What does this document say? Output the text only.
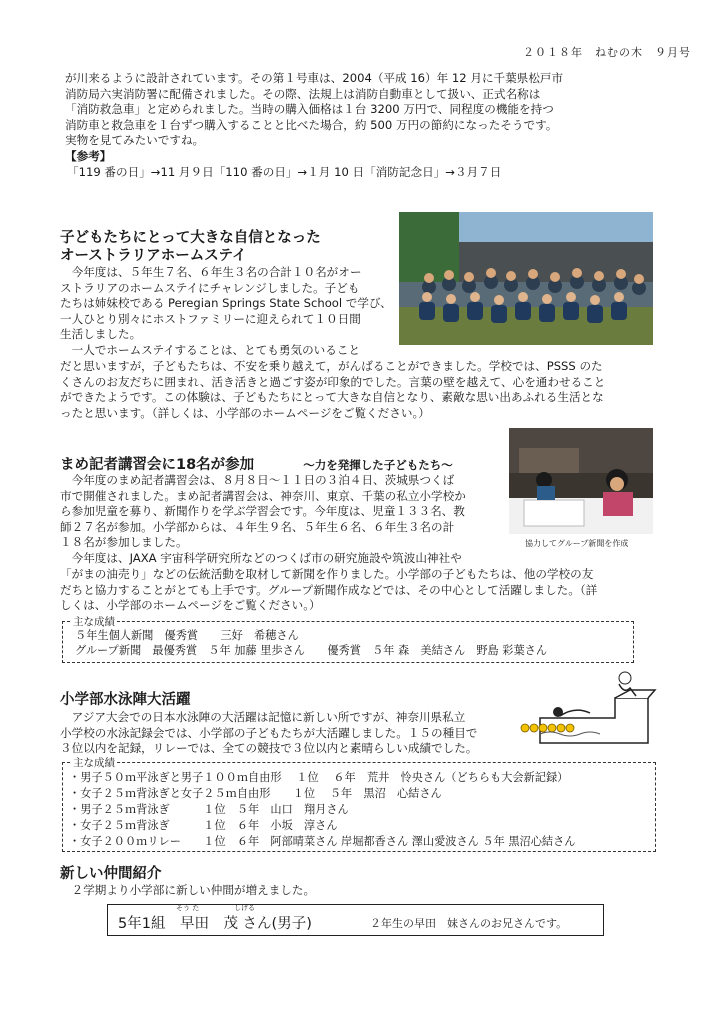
２０１８年　ねむの木　９月号

が川来るように設計されています。その第１号車は、2004（平成 16）年 12 月に千葉県松戸市

消防局六実消防署に配備されました。その際、法規上は消防自動車として扱い、正式名称は

「消防救急車」と定められました。当時の購入価格は１台 3200 万円で、同程度の機能を持つ

消防車と救急車を１台ずつ購入することと比べた場合，約 500 万円の節約になったそうです。

実物を見てみたいですね。

【参考】

「119 番の日」→11 月９日「110 番の日」→１月 10 日「消防記念日」→３月７日

子どもたちにとって大きな自信となった

オーストラリアホームステイ

　今年度は、５年生７名、６年生３名の合計１０名がオー

ストラリアのホームステイにチャレンジしました。子ども

たちは姉妹校である Peregian Springs State School で学び、

一人ひとり別々にホストファミリーに迎えられて１０日間

生活しました。

　一人でホームステイすることは、とても勇気のいること

だと思いますが，子どもたちは、不安を乗り越えて，がんばることができました。学校では、PSSS のた

くさんのお友だちに囲まれ、活き活きと過ごす姿が印象的でした。言葉の壁を越えて、心を通わせること

ができたようです。この体験は、子どもたちにとって大きな自信となり、素敵な思い出あふれる生活とな

ったと思います。（詳しくは、小学部のホームページをご覧ください。）

協力してグループ新聞を作成
まめ記者講習会に18名が参加	～力を発揮した子どもたち～

　今年度のまめ記者講習会は、８月８日～１１日の３泊４日、茨城県つくば

市で開催されました。まめ記者講習会は、神奈川、東京、千葉の私立小学校か

ら参加児童を募り、新聞作りを学ぶ学習会です。今年度は、児童１３３名、教

師２７名が参加。小学部からは、４年生９名、５年生６名、６年生３名の計

１８名が参加しました。

　今年度は、JAXA 宇宙科学研究所などのつくば市の研究施設や筑波山神社や

「がまの油売り」などの伝統活動を取材して新聞を作りました。小学部の子どもたちは、他の学校の友

だちと協力することがとても上手です。グループ新聞作成などでは、その中心として活躍しました。（詳

しくは、小学部のホームページをご覧ください。）

主な成績
５年生個人新聞　優秀賞　　三好　希穂さん
グループ新聞　最優秀賞　５年 加藤 里歩さん　　優秀賞　５年 森　美結さん　野島 彩葉さん

小学部水泳陣大活躍

　アジア大会での日本水泳陣の大活躍は記憶に新しい所ですが、神奈川県私立

小学校の水泳記録会では、小学部の子どもたちが大活躍しました。１５の種目で

３位以内を記録，リレーでは、全ての競技で３位以内と素晴らしい成績でした。

主な成績
・男子５０ｍ平泳ぎと男子１００ｍ自由形　 １位　 ６年　荒井　怜央さん（どちらも大会新記録）
・女子２５ｍ背泳ぎと女子２５ｍ自由形　　１位　 ５年　黒沼　心結さん
・男子２５ｍ背泳ぎ　　　１位　５年　山口　翔月さん
・女子２５ｍ背泳ぎ　　　１位　６年　小坂　淳さん
・女子２００ｍリレー　　１位　６年　阿部晴菜さん 岸堀都香さん 澤山愛波さん ５年 黒沼心結さん

新しい仲間紹介

　２学期より小学部に新しい仲間が増えました。

そう た	しげる
5年1組　早田　茂 さん(男子)	２年生の早田　妹さんのお兄さんです。
